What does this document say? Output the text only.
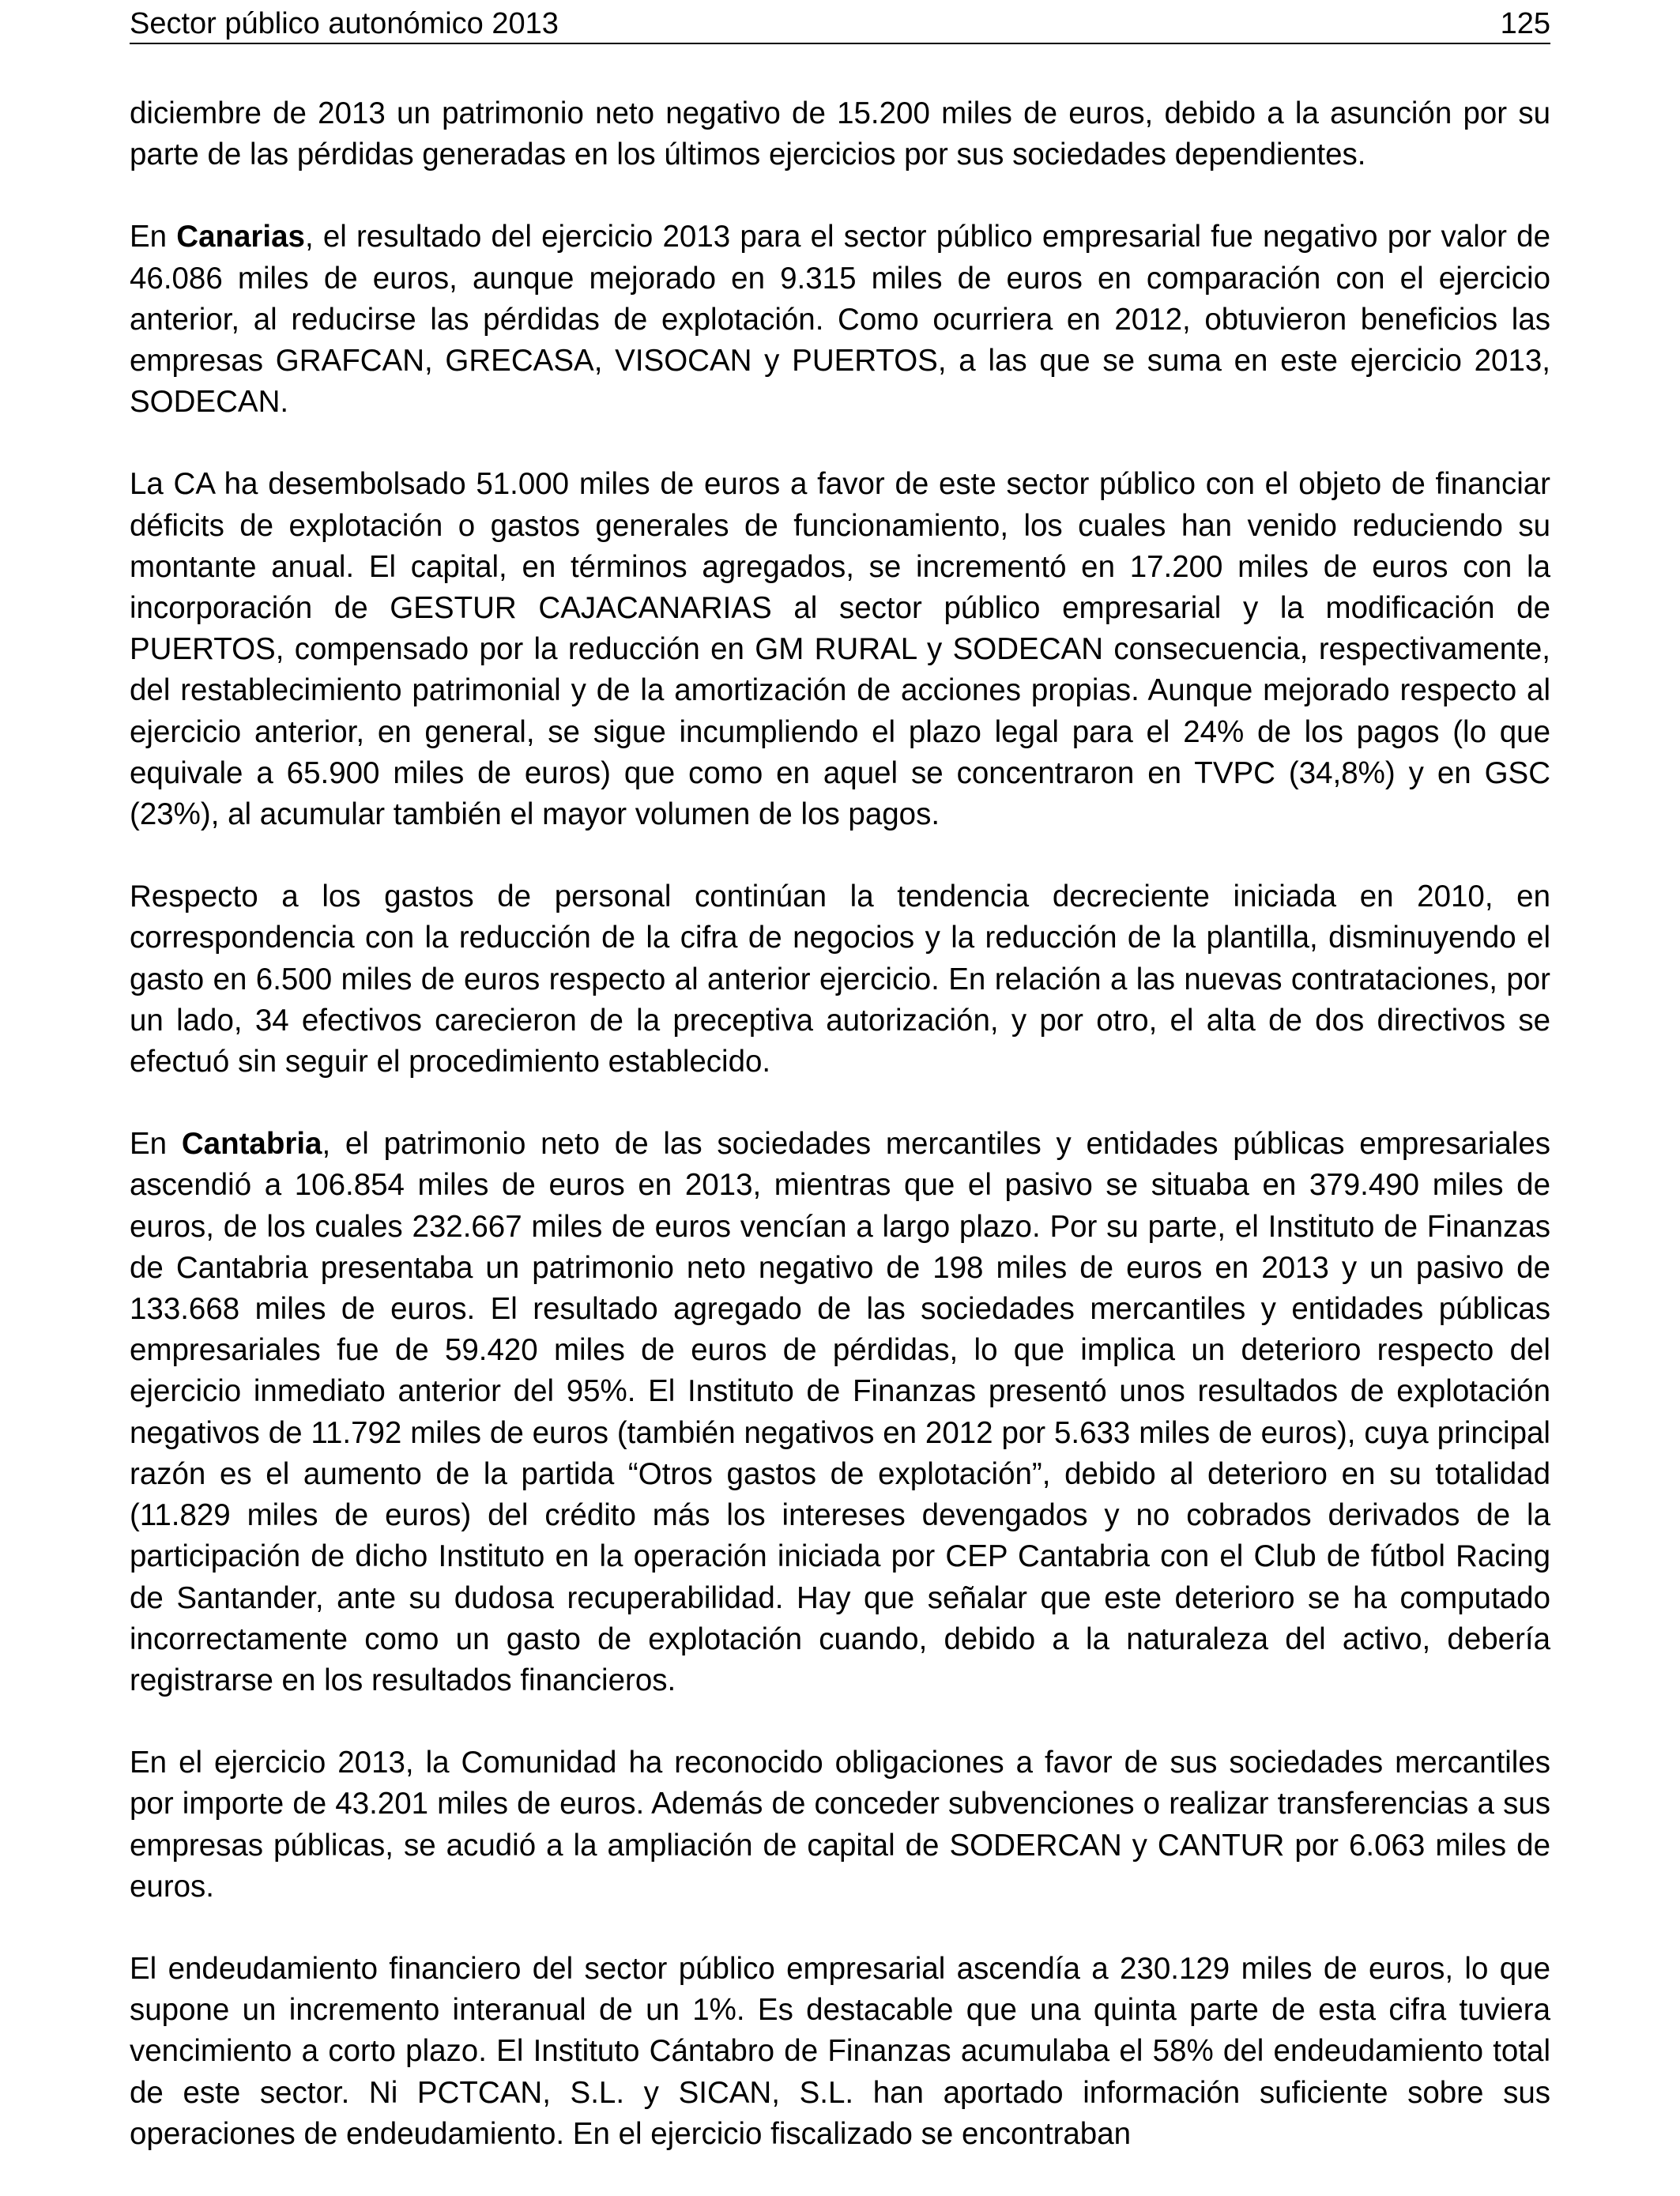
Sector público autonómico 2013	125

diciembre de 2013 un patrimonio neto negativo de 15.200 miles de euros, debido a la asunción por su parte de las pérdidas generadas en los últimos ejercicios por sus sociedades dependientes.

En Canarias, el resultado del ejercicio 2013 para el sector público empresarial fue negativo por valor de 46.086 miles de euros, aunque mejorado en 9.315 miles de euros en comparación con el ejercicio anterior, al reducirse las pérdidas de explotación. Como ocurriera en 2012, obtuvieron beneficios las empresas GRAFCAN, GRECASA, VISOCAN y PUERTOS, a las que se suma en este ejercicio 2013, SODECAN.

La CA ha desembolsado 51.000 miles de euros a favor de este sector público con el objeto de financiar déficits de explotación o gastos generales de funcionamiento, los cuales han venido reduciendo su montante anual. El capital, en términos agregados, se incrementó en 17.200 miles de euros con la incorporación de GESTUR CAJACANARIAS al sector público empresarial y la modificación de PUERTOS, compensado por la reducción en GM RURAL y SODECAN consecuencia, respectivamente, del restablecimiento patrimonial y de la amortización de acciones propias. Aunque mejorado respecto al ejercicio anterior, en general, se sigue incumpliendo el plazo legal para el 24% de los pagos (lo que equivale a 65.900 miles de euros) que como en aquel se concentraron en TVPC (34,8%) y en GSC (23%), al acumular también el mayor volumen de los pagos.

Respecto a los gastos de personal continúan la tendencia decreciente iniciada en 2010, en correspondencia con la reducción de la cifra de negocios y la reducción de la plantilla, disminuyendo el gasto en 6.500 miles de euros respecto al anterior ejercicio. En relación a las nuevas contrataciones, por un lado, 34 efectivos carecieron de la preceptiva autorización, y por otro, el alta de dos directivos se efectuó sin seguir el procedimiento establecido.

En Cantabria, el patrimonio neto de las sociedades mercantiles y entidades públicas empresariales ascendió a 106.854 miles de euros en 2013, mientras que el pasivo se situaba en 379.490 miles de euros, de los cuales 232.667 miles de euros vencían a largo plazo. Por su parte, el Instituto de Finanzas de Cantabria presentaba un patrimonio neto negativo de 198 miles de euros en 2013 y un pasivo de 133.668 miles de euros. El resultado agregado de las sociedades mercantiles y entidades públicas empresariales fue de 59.420 miles de euros de pérdidas, lo que implica un deterioro respecto del ejercicio inmediato anterior del 95%. El Instituto de Finanzas presentó unos resultados de explotación negativos de 11.792 miles de euros (también negativos en 2012 por 5.633 miles de euros), cuya principal razón es el aumento de la partida “Otros gastos de explotación”, debido al deterioro en su totalidad (11.829 miles de euros) del crédito más los intereses devengados y no cobrados derivados de la participación de dicho Instituto en la operación iniciada por CEP Cantabria con el Club de fútbol Racing de Santander, ante su dudosa recuperabilidad. Hay que señalar que este deterioro se ha computado incorrectamente como un gasto de explotación cuando, debido a la naturaleza del activo, debería registrarse en los resultados financieros.

En el ejercicio 2013, la Comunidad ha reconocido obligaciones a favor de sus sociedades mercantiles por importe de 43.201 miles de euros. Además de conceder subvenciones o realizar transferencias a sus empresas públicas, se acudió a la ampliación de capital de SODERCAN y CANTUR por 6.063 miles de euros.

El endeudamiento financiero del sector público empresarial ascendía a 230.129 miles de euros, lo que supone un incremento interanual de un 1%. Es destacable que una quinta parte de esta cifra tuviera vencimiento a corto plazo. El Instituto Cántabro de Finanzas acumulaba el 58% del endeudamiento total de este sector. Ni PCTCAN, S.L. y SICAN, S.L. han aportado información suficiente sobre sus operaciones de endeudamiento. En el ejercicio fiscalizado se encontraban
